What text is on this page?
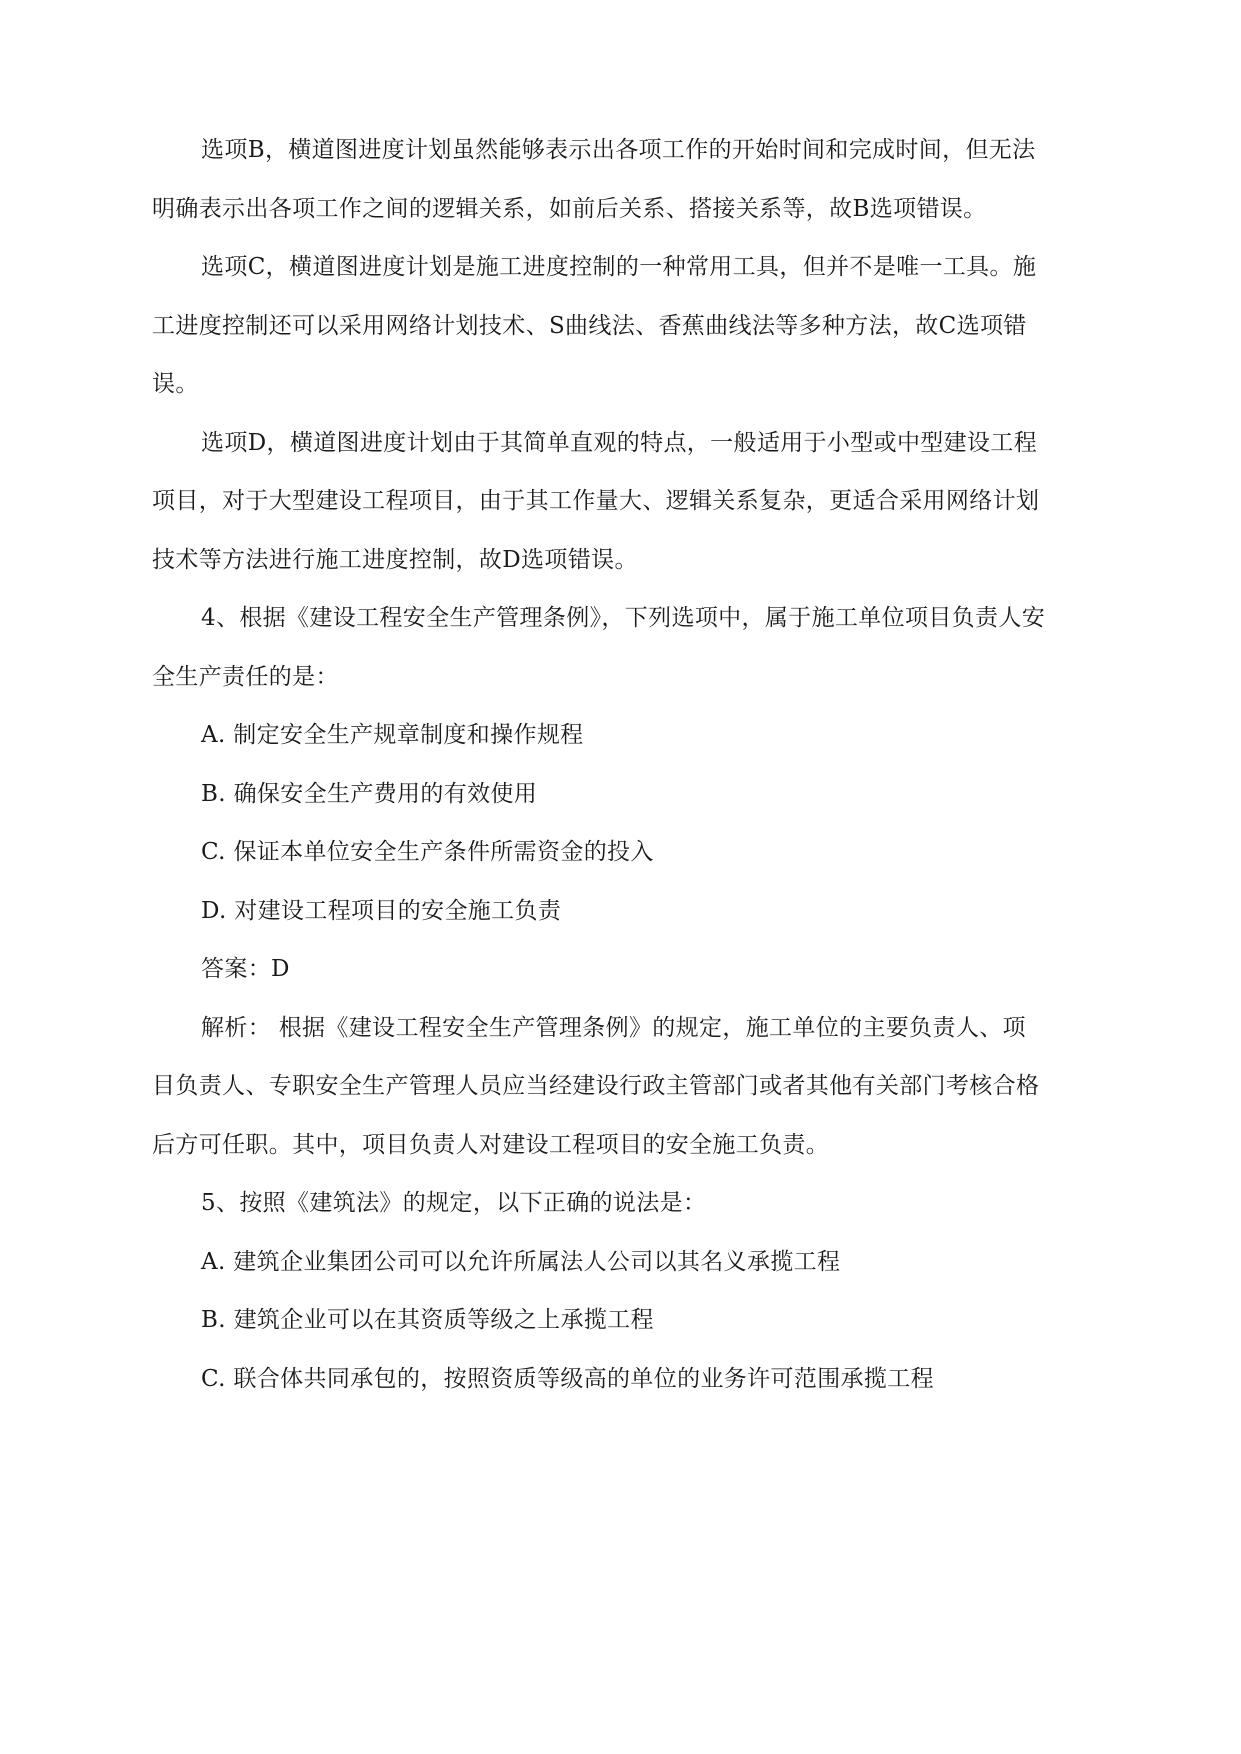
选项B，横道图进度计划虽然能够表示出各项工作的开始时间和完成时间，但无法

明确表示出各项工作之间的逻辑关系，如前后关系、搭接关系等，故B选项错误。

选项C，横道图进度计划是施工进度控制的一种常用工具，但并不是唯一工具。施

工进度控制还可以采用网络计划技术、S曲线法、香蕉曲线法等多种方法，故C选项错

误。

选项D，横道图进度计划由于其简单直观的特点，一般适用于小型或中型建设工程

项目，对于大型建设工程项目，由于其工作量大、逻辑关系复杂，更适合采用网络计划

技术等方法进行施工进度控制，故D选项错误。

4、根据《建设工程安全生产管理条例》，下列选项中，属于施工单位项目负责人安

全生产责任的是：

A. 制定安全生产规章制度和操作规程

B. 确保安全生产费用的有效使用

C. 保证本单位安全生产条件所需资金的投入

D. 对建设工程项目的安全施工负责

答案：D

解析： 根据《建设工程安全生产管理条例》的规定，施工单位的主要负责人、项

目负责人、专职安全生产管理人员应当经建设行政主管部门或者其他有关部门考核合格

后方可任职。其中，项目负责人对建设工程项目的安全施工负责。

5、按照《建筑法》的规定，以下正确的说法是：

A. 建筑企业集团公司可以允许所属法人公司以其名义承揽工程

B. 建筑企业可以在其资质等级之上承揽工程

C. 联合体共同承包的，按照资质等级高的单位的业务许可范围承揽工程
